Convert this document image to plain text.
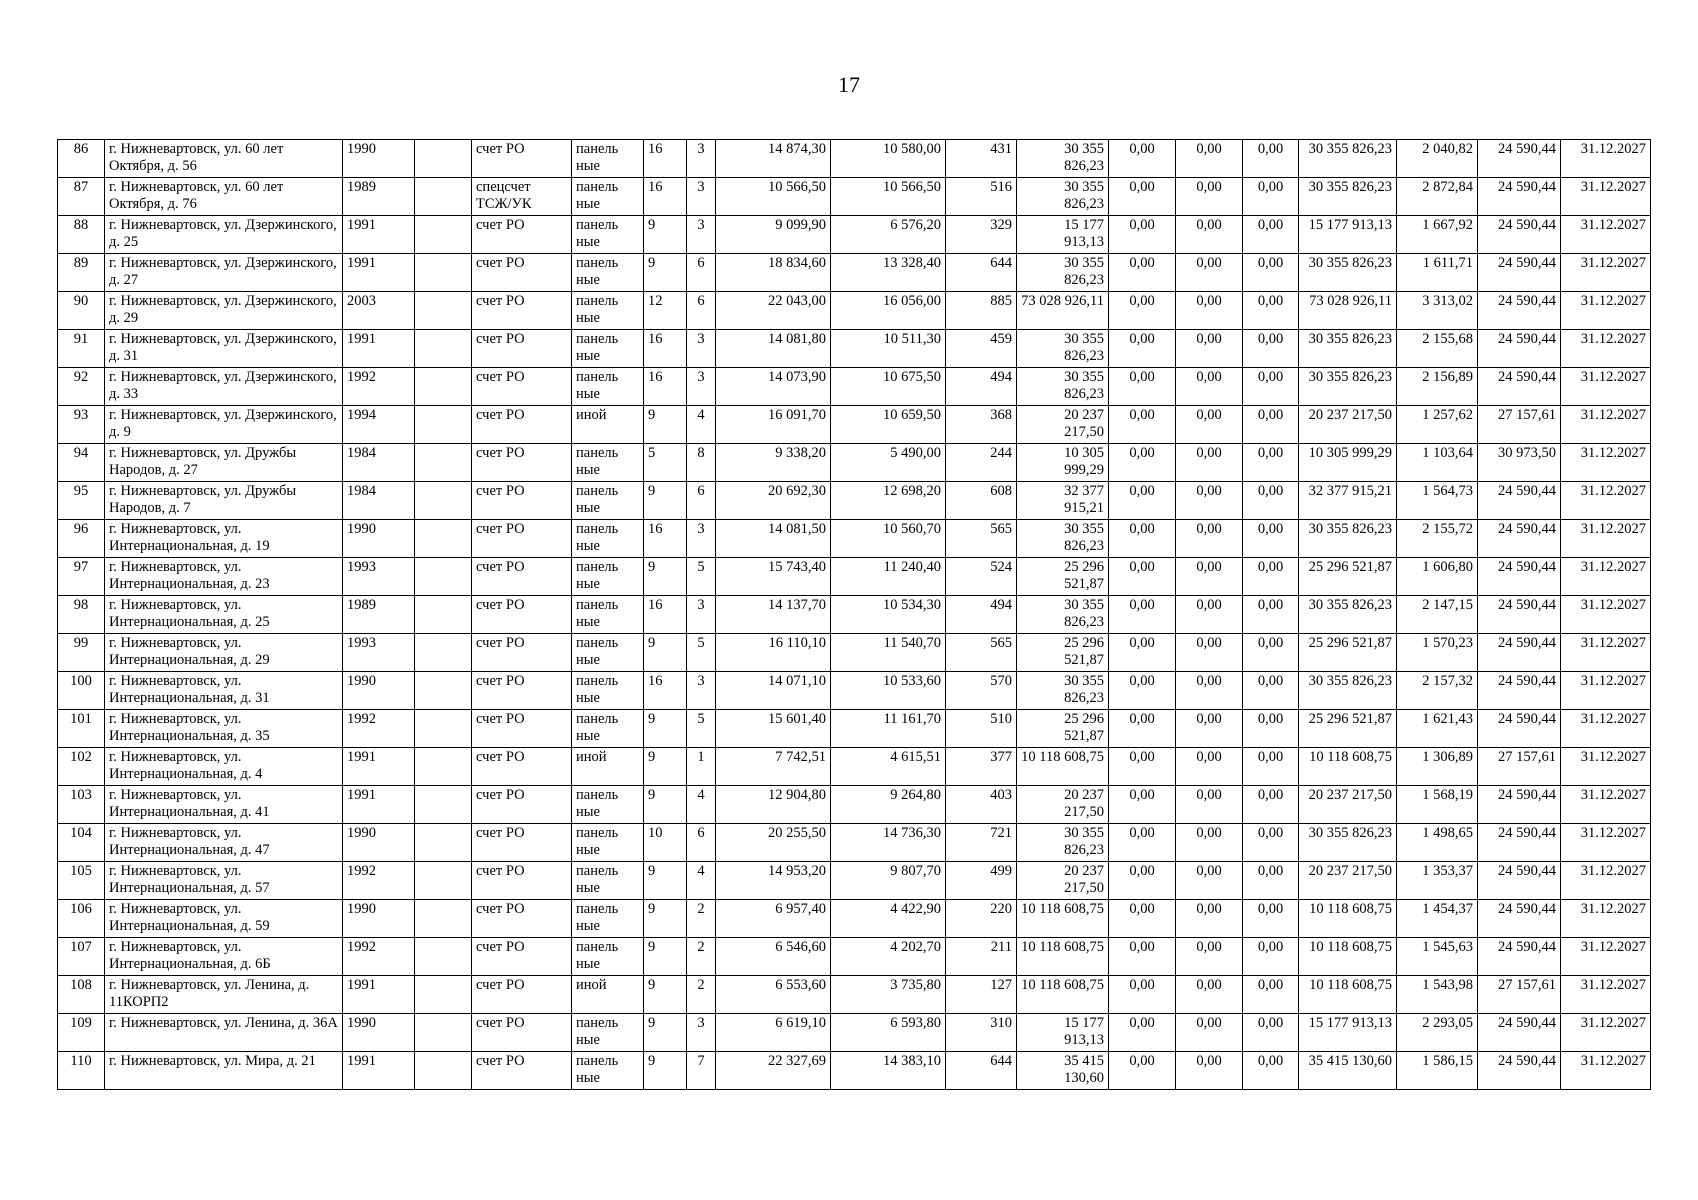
17
86	г. Нижневартовск, ул. 60 лет Октября, д. 56	1990		счет РО	панель ные	16	3	14 874,30	10 580,00	431	30 355 826,23	0,00	0,00	0,00	30 355 826,23	2 040,82	24 590,44	31.12.2027
87	г. Нижневартовск, ул. 60 лет Октября, д. 76	1989		спецсчет ТСЖ/УК	панель ные	16	3	10 566,50	10 566,50	516	30 355 826,23	0,00	0,00	0,00	30 355 826,23	2 872,84	24 590,44	31.12.2027
88	г. Нижневартовск, ул. Дзержинского, д. 25	1991		счет РО	панель ные	9	3	9 099,90	6 576,20	329	15 177 913,13	0,00	0,00	0,00	15 177 913,13	1 667,92	24 590,44	31.12.2027
89	г. Нижневартовск, ул. Дзержинского, д. 27	1991		счет РО	панель ные	9	6	18 834,60	13 328,40	644	30 355 826,23	0,00	0,00	0,00	30 355 826,23	1 611,71	24 590,44	31.12.2027
90	г. Нижневартовск, ул. Дзержинского, д. 29	2003		счет РО	панель ные	12	6	22 043,00	16 056,00	885	73 028 926,11	0,00	0,00	0,00	73 028 926,11	3 313,02	24 590,44	31.12.2027
91	г. Нижневартовск, ул. Дзержинского, д. 31	1991		счет РО	панель ные	16	3	14 081,80	10 511,30	459	30 355 826,23	0,00	0,00	0,00	30 355 826,23	2 155,68	24 590,44	31.12.2027
92	г. Нижневартовск, ул. Дзержинского, д. 33	1992		счет РО	панель ные	16	3	14 073,90	10 675,50	494	30 355 826,23	0,00	0,00	0,00	30 355 826,23	2 156,89	24 590,44	31.12.2027
93	г. Нижневартовск, ул. Дзержинского, д. 9	1994		счет РО	иной	9	4	16 091,70	10 659,50	368	20 237 217,50	0,00	0,00	0,00	20 237 217,50	1 257,62	27 157,61	31.12.2027
94	г. Нижневартовск, ул. Дружбы Народов, д. 27	1984		счет РО	панель ные	5	8	9 338,20	5 490,00	244	10 305 999,29	0,00	0,00	0,00	10 305 999,29	1 103,64	30 973,50	31.12.2027
95	г. Нижневартовск, ул. Дружбы Народов, д. 7	1984		счет РО	панель ные	9	6	20 692,30	12 698,20	608	32 377 915,21	0,00	0,00	0,00	32 377 915,21	1 564,73	24 590,44	31.12.2027
96	г. Нижневартовск, ул. Интернациональная, д. 19	1990		счет РО	панель ные	16	3	14 081,50	10 560,70	565	30 355 826,23	0,00	0,00	0,00	30 355 826,23	2 155,72	24 590,44	31.12.2027
97	г. Нижневартовск, ул. Интернациональная, д. 23	1993		счет РО	панель ные	9	5	15 743,40	11 240,40	524	25 296 521,87	0,00	0,00	0,00	25 296 521,87	1 606,80	24 590,44	31.12.2027
98	г. Нижневартовск, ул. Интернациональная, д. 25	1989		счет РО	панель ные	16	3	14 137,70	10 534,30	494	30 355 826,23	0,00	0,00	0,00	30 355 826,23	2 147,15	24 590,44	31.12.2027
99	г. Нижневартовск, ул. Интернациональная, д. 29	1993		счет РО	панель ные	9	5	16 110,10	11 540,70	565	25 296 521,87	0,00	0,00	0,00	25 296 521,87	1 570,23	24 590,44	31.12.2027
100	г. Нижневартовск, ул. Интернациональная, д. 31	1990		счет РО	панель ные	16	3	14 071,10	10 533,60	570	30 355 826,23	0,00	0,00	0,00	30 355 826,23	2 157,32	24 590,44	31.12.2027
101	г. Нижневартовск, ул. Интернациональная, д. 35	1992		счет РО	панель ные	9	5	15 601,40	11 161,70	510	25 296 521,87	0,00	0,00	0,00	25 296 521,87	1 621,43	24 590,44	31.12.2027
102	г. Нижневартовск, ул. Интернациональная, д. 4	1991		счет РО	иной	9	1	7 742,51	4 615,51	377	10 118 608,75	0,00	0,00	0,00	10 118 608,75	1 306,89	27 157,61	31.12.2027
103	г. Нижневартовск, ул. Интернациональная, д. 41	1991		счет РО	панель ные	9	4	12 904,80	9 264,80	403	20 237 217,50	0,00	0,00	0,00	20 237 217,50	1 568,19	24 590,44	31.12.2027
104	г. Нижневартовск, ул. Интернациональная, д. 47	1990		счет РО	панель ные	10	6	20 255,50	14 736,30	721	30 355 826,23	0,00	0,00	0,00	30 355 826,23	1 498,65	24 590,44	31.12.2027
105	г. Нижневартовск, ул. Интернациональная, д. 57	1992		счет РО	панель ные	9	4	14 953,20	9 807,70	499	20 237 217,50	0,00	0,00	0,00	20 237 217,50	1 353,37	24 590,44	31.12.2027
106	г. Нижневартовск, ул. Интернациональная, д. 59	1990		счет РО	панель ные	9	2	6 957,40	4 422,90	220	10 118 608,75	0,00	0,00	0,00	10 118 608,75	1 454,37	24 590,44	31.12.2027
107	г. Нижневартовск, ул. Интернациональная, д. 6Б	1992		счет РО	панель ные	9	2	6 546,60	4 202,70	211	10 118 608,75	0,00	0,00	0,00	10 118 608,75	1 545,63	24 590,44	31.12.2027
108	г. Нижневартовск, ул. Ленина, д. 11КОРП2	1991		счет РО	иной	9	2	6 553,60	3 735,80	127	10 118 608,75	0,00	0,00	0,00	10 118 608,75	1 543,98	27 157,61	31.12.2027
109	г. Нижневартовск, ул. Ленина, д. 36А	1990		счет РО	панель ные	9	3	6 619,10	6 593,80	310	15 177 913,13	0,00	0,00	0,00	15 177 913,13	2 293,05	24 590,44	31.12.2027
110	г. Нижневартовск, ул. Мира, д. 21	1991		счет РО	панель ные	9	7	22 327,69	14 383,10	644	35 415 130,60	0,00	0,00	0,00	35 415 130,60	1 586,15	24 590,44	31.12.2027
